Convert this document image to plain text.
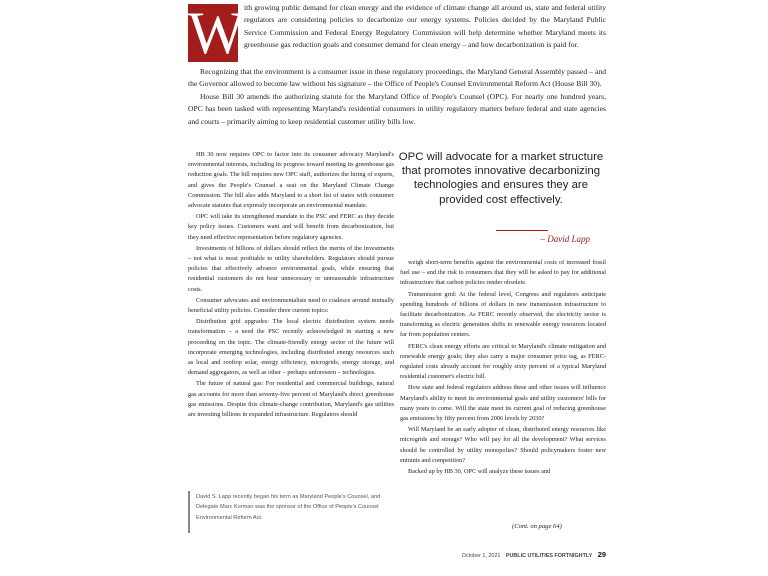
W ith growing public demand for clean energy and the evidence of climate change all around us, state and federal utility regulators are considering policies to decarbonize our energy systems. Policies decided by the Maryland Public Service Commission and Federal Energy Regulatory Commission will help determine whether Maryland meets its greenhouse gas reduction goals and consumer demand for clean energy – and how decarbonization is paid for.

Recognizing that the environment is a consumer issue in these regulatory proceedings, the Maryland General Assembly passed – and the Governor allowed to become law without his signature – the Office of People's Counsel Environmental Reform Act (House Bill 30).

House Bill 30 amends the authorizing statute for the Maryland Office of People's Counsel (OPC). For nearly one hundred years, OPC has been tasked with representing Maryland's residential consumers in utility regulatory matters before federal and state agencies and courts – primarily aiming to keep residential customer utility bills low.

OPC will advocate for a market structure that promotes innovative decarbonizing technologies and ensures they are provided cost effectively.
– David Lapp

HB 30 now requires OPC to factor into its consumer advocacy Maryland's environmental interests, including its progress toward meeting its greenhouse gas reduction goals. The bill requires new OPC staff, authorizes the hiring of experts, and gives the People's Counsel a seat on the Maryland Climate Change Commission. The bill also adds Maryland to a short list of states with consumer advocate statutes that expressly incorporate an environmental mandate.

OPC will take its strengthened mandate to the PSC and FERC as they decide key policy issues. Customers want and will benefit from decarbonization, but they need effective representation before regulatory agencies.

Investments of billions of dollars should reflect the merits of the investments – not what is most profitable to utility shareholders. Regulators should pursue policies that effectively advance environmental goals, while ensuring that residential customers do not bear unnecessary or unreasonable infrastructure costs.

Consumer advocates and environmentalists need to coalesce around mutually beneficial utility policies. Consider three current topics:

Distribution grid upgrades: The local electric distribution system needs transformation – a need the PSC recently acknowledged in starting a new proceeding on the topic. The climate-friendly energy sector of the future will incorporate emerging technologies, including distributed energy resources such as local and rooftop solar, energy efficiency, microgrids, energy storage, and demand aggregators, as well as other – perhaps unforeseen – technologies.

The future of natural gas: For residential and commercial buildings, natural gas accounts for more than seventy-five percent of Maryland's direct greenhouse gas emissions. Despite this climate-change contribution, Maryland's gas utilities are investing billions in expanded infrastructure. Regulators should

weigh short-term benefits against the environmental costs of increased fossil fuel use – and the risk to consumers that they will be asked to pay for additional infrastructure that carbon policies render obsolete.

Transmission grid: At the federal level, Congress and regulators anticipate spending hundreds of billions of dollars in new transmission infrastructure to facilitate decarbonization. As FERC recently observed, the electricity sector is transforming as electric generation shifts to renewable energy resources located far from population centers.

FERC's clean energy efforts are critical to Maryland's climate mitigation and renewable energy goals; they also carry a major consumer price tag, as FERC-regulated costs already account for roughly sixty percent of a typical Maryland residential customer's electric bill.

How state and federal regulators address these and other issues will influence Maryland's ability to meet its environmental goals and utility customers' bills for many years to come. Will the state meet its current goal of reducing greenhouse gas emissions by fifty percent from 2006 levels by 2030?

Will Maryland be an early adopter of clean, distributed energy resources like microgrids and storage? Who will pay for all the development? What services should be controlled by utility monopolies? Should policymakers foster new entrants and competition?

Backed up by HB 30, OPC will analyze these issues and

(Cont. on page 64)
David S. Lapp recently began his term as Maryland People's Counsel, and Delegate Marc Korman was the sponsor of the Office of People's Counsel Environmental Reform Act.
October 1, 2021 PUBLIC UTILITIES FORTNIGHTLY 29
